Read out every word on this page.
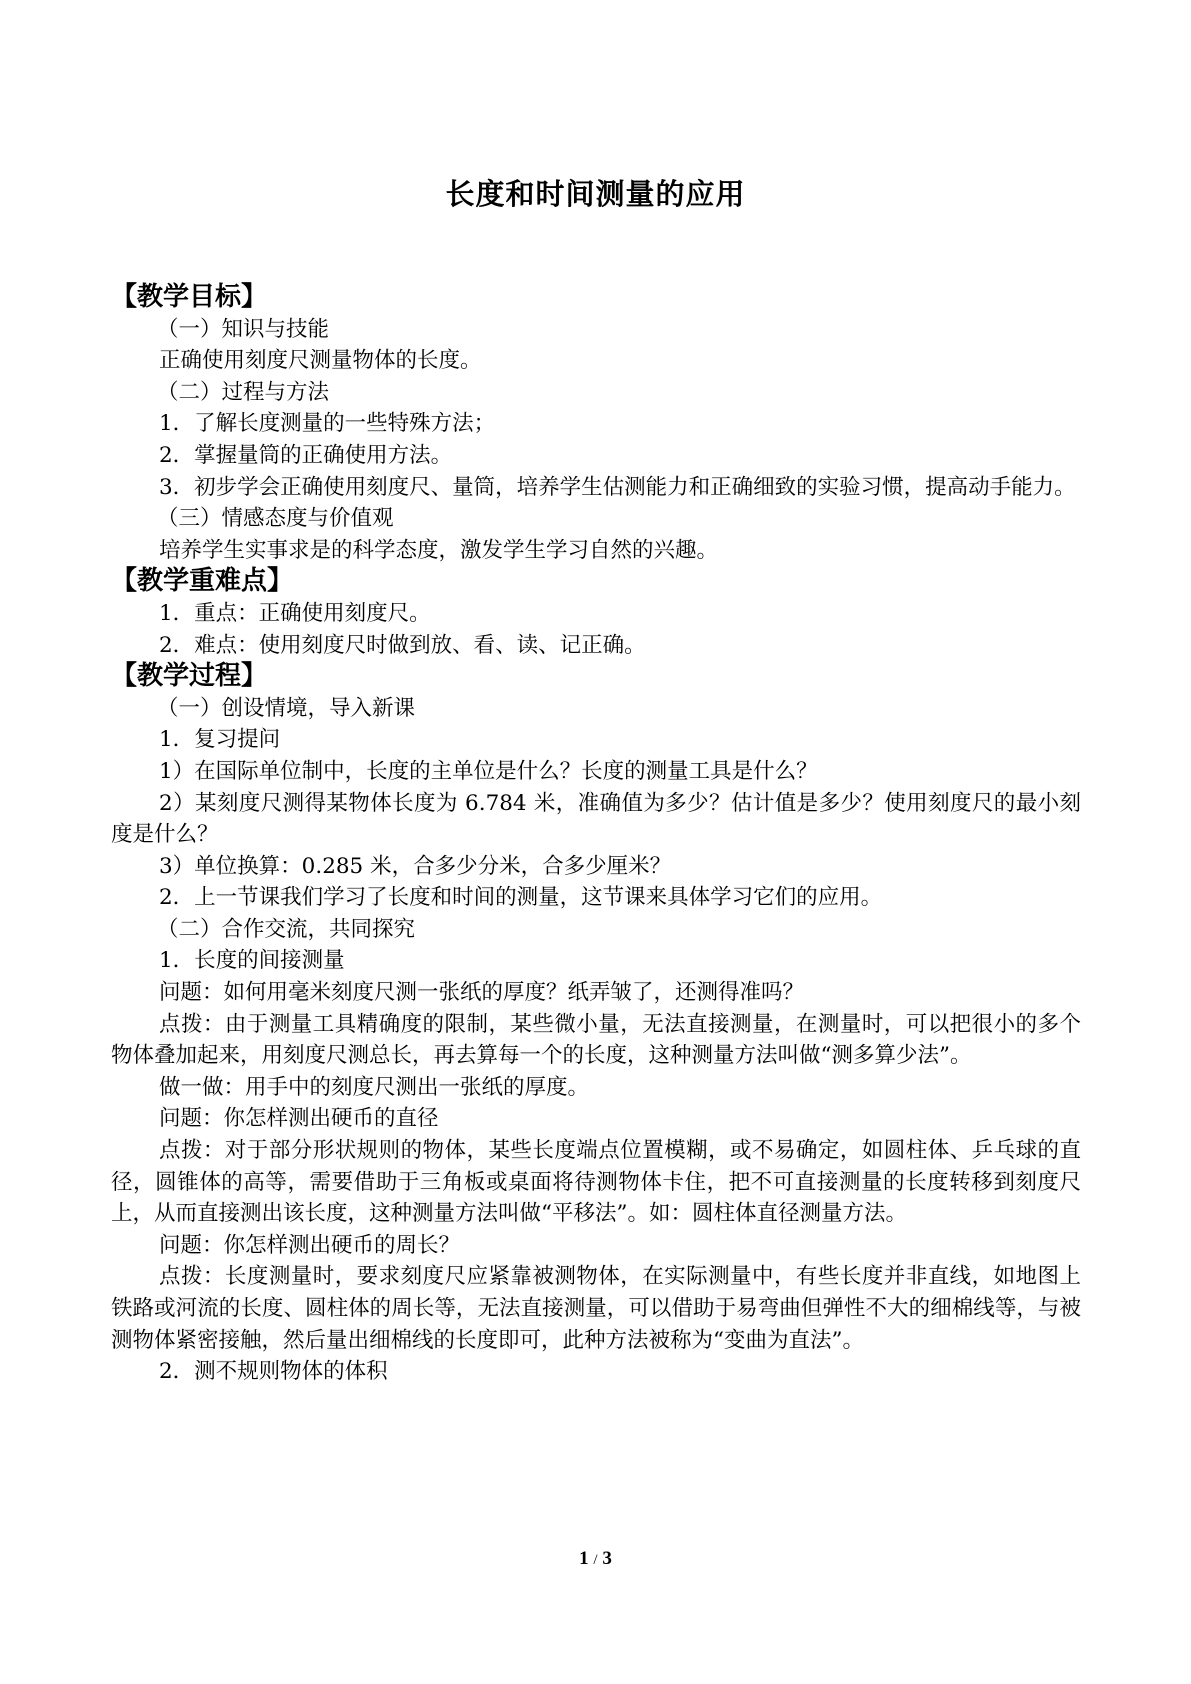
长度和时间测量的应用

【教学目标】

（一）知识与技能

正确使用刻度尺测量物体的长度。

（二）过程与方法

1．了解长度测量的一些特殊方法；

2．掌握量筒的正确使用方法。

3．初步学会正确使用刻度尺、量筒，培养学生估测能力和正确细致的实验习惯，提高动手能力。

（三）情感态度与价值观

培养学生实事求是的科学态度，激发学生学习自然的兴趣。

【教学重难点】

1．重点：正确使用刻度尺。

2．难点：使用刻度尺时做到放、看、读、记正确。

【教学过程】

（一）创设情境，导入新课

1．复习提问

1）在国际单位制中，长度的主单位是什么？长度的测量工具是什么？

2）某刻度尺测得某物体长度为 6.784 米，准确值为多少？估计值是多少？使用刻度尺的最小刻度是什么？

3）单位换算：0.285 米，合多少分米，合多少厘米？

2．上一节课我们学习了长度和时间的测量，这节课来具体学习它们的应用。

（二）合作交流，共同探究

1．长度的间接测量

问题：如何用毫米刻度尺测一张纸的厚度？纸弄皱了，还测得准吗？

点拨：由于测量工具精确度的限制，某些微小量，无法直接测量，在测量时，可以把很小的多个物体叠加起来，用刻度尺测总长，再去算每一个的长度，这种测量方法叫做“测多算少法”。

做一做：用手中的刻度尺测出一张纸的厚度。

问题：你怎样测出硬币的直径

点拨：对于部分形状规则的物体，某些长度端点位置模糊，或不易确定，如圆柱体、乒乓球的直径，圆锥体的高等，需要借助于三角板或桌面将待测物体卡住，把不可直接测量的长度转移到刻度尺上，从而直接测出该长度，这种测量方法叫做“平移法”。如：圆柱体直径测量方法。

问题：你怎样测出硬币的周长？

点拨：长度测量时，要求刻度尺应紧靠被测物体，在实际测量中，有些长度并非直线，如地图上铁路或河流的长度、圆柱体的周长等，无法直接测量，可以借助于易弯曲但弹性不大的细棉线等，与被测物体紧密接触，然后量出细棉线的长度即可，此种方法被称为“变曲为直法”。

2．测不规则物体的体积

1 / 3
